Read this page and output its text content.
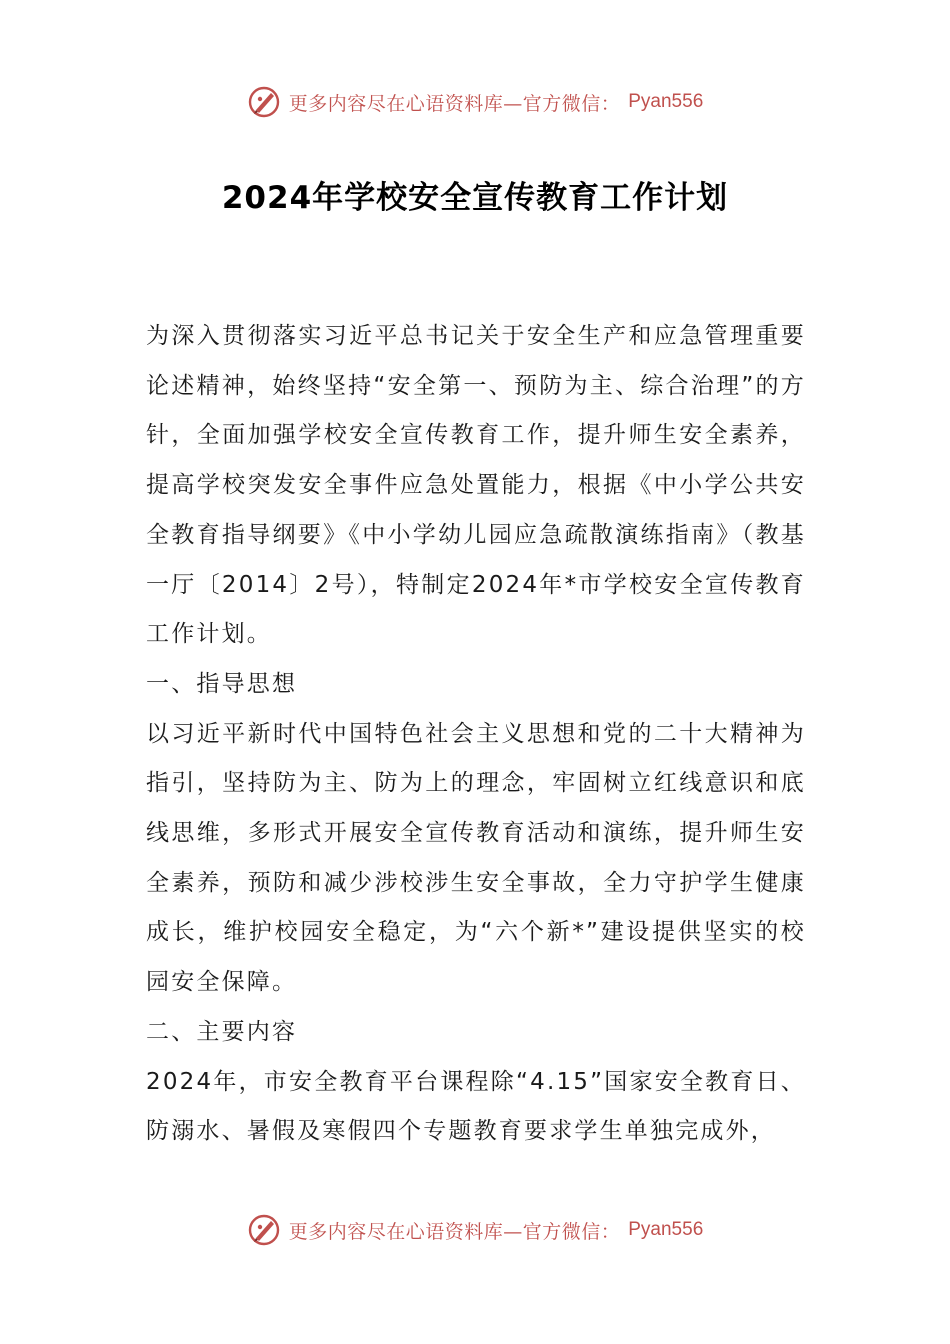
更多内容尽在心语资料库—官方微信： Pyan556
2024年学校安全宣传教育工作计划

为深入贯彻落实习近平总书记关于安全生产和应急管理重要论述精神，始终坚持“安全第一、预防为主、综合治理”的方针，全面加强学校安全宣传教育工作，提升师生安全素养，提高学校突发安全事件应急处置能力，根据《中小学公共安全教育指导纲要》《中小学幼儿园应急疏散演练指南》（教基一厅〔2014〕2号），特制定2024年*市学校安全宣传教育工作计划。

一、指导思想

以习近平新时代中国特色社会主义思想和党的二十大精神为指引，坚持防为主、防为上的理念，牢固树立红线意识和底线思维，多形式开展安全宣传教育活动和演练，提升师生安全素养，预防和减少涉校涉生安全事故，全力守护学生健康成长，维护校园安全稳定，为“六个新*”建设提供坚实的校园安全保障。

二、主要内容

2024年，市安全教育平台课程除“4.15”国家安全教育日、防溺水、暑假及寒假四个专题教育要求学生单独完成外，

更多内容尽在心语资料库—官方微信： Pyan556
